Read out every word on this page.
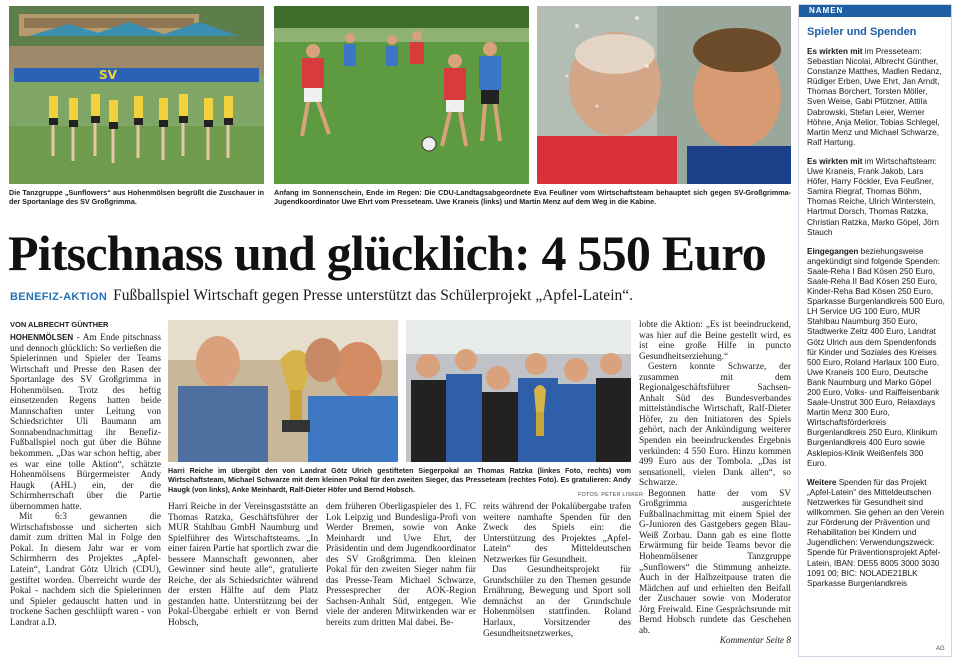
SV
Die Tanzgruppe „Sunflowers“ aus Hohenmölsen begrüßt die Zuschauer in der Sportanlage des SV Großgrimma.
Anfang im Sonnenschein, Ende im Regen: Die CDU-Landtagsabgeordnete Eva Feußner vom Wirtschaftsteam behauptet sich gegen SV-Großgrimma-Jugendkoordinator Uwe Ehrt vom Presseteam. Uwe Kraneis (links) und Martin Menz auf dem Weg in die Kabine.
Pitschnass und glücklich: 4 550 Euro
BENEFIZ-AKTION Fußballspiel Wirtschaft gegen Presse unterstützt das Schülerprojekt „Apfel-Latein“.
VON ALBRECHT GÜNTHER

HOHENMÖLSEN - Am Ende pitschnass und dennoch glücklich: So verließen die Spielerinnen und Spieler der Teams Wirtschaft und Presse den Rasen der Sportanlage des SV Großgrimma in Hohenmölsen. Trotz des heftig einsetzenden Regens hatten beide Mannschaften unter Leitung von Schiedsrichter Uli Baumann am Sonnabendnachmittag ihr Benefiz-Fußballspiel noch gut über die Bühne bekommen. „Das war schon heftig, aber es war eine tolle Aktion“, schätzte Hohenmölsens Bürgermeister Andy Haugk (AHL) ein, der die Schirmherrschaft über die Partie übernommen hatte.

Mit 6:3 gewannen die Wirtschaftsbosse und sicherten sich damit zum dritten Mal in Folge den Pokal. In diesem Jahr war er vom Schirmherrn des Projektes „Apfel-Latein“, Landrat Götz Ulrich (CDU), gestiftet worden. Überreicht wurde der Pokal - nachdem sich die Spielerinnen und Spieler gedauscht hatten und in trockene Sachen geschlüpft waren - von Landrat a.D.

Harri Reiche im übergibt den von Landrat Götz Ulrich gestifteten Siegerpokal an Thomas Ratzka (linkes Foto, rechts) vom Wirtschaftsteam, Michael Schwarze mit dem kleinen Pokal für den zweiten Sieger, das Presseteam (rechtes Foto). Es gratulieren: Andy Haugk (von links), Anke Meinhardt, Ralf-Dieter Höfer und Bernd Hobsch.
FOTOS: PETER LISKER

Harri Reiche in der Vereinsgaststätte an Thomas Ratzka, Geschäftsführer der MUR Stahlbau GmbH Naumburg und Spielführer des Wirtschaftsteams. „In einer fairen Partie hat sportlich zwar die bessere Mannschaft gewonnen, aber Gewinner sind heute alle“, gratulierte Reiche, der als Schiedsrichter während der ersten Hälfte auf dem Platz gestanden hatte. Unterstützung bei der Pokal-Übergabe erhielt er von Bernd Hobsch,

dem früheren Oberligaspieler des 1. FC Lok Leipzig und Bundesliga-Profi von Werder Bremen, sowie von Anke Meinhardt und Uwe Ehrt, der Präsidentin und dem Jugendkoordinator des SV Großgrimma. Den kleinen Pokal für den zweiten Sieger nahm für das Presse-Team Michael Schwarze, Pressesprecher der AOK-Region Sachsen-Anhalt Süd, entgegen. Wie viele der anderen Mitwirkenden war er bereits zum dritten Mal dabei. Be-

reits während der Pokalübergabe trafen weitere namhafte Spenden für den Zweck des Spiels ein: die Unterstützung des Projektes „Apfel-Latein“ des Mitteldeutschen Netzwerkes für Gesundheit.

Das Gesundheitsprojekt für Grundschüler zu den Themen gesunde Ernährung, Bewegung und Sport soll demnächst an der Grundschule Hohenmölsen stattfinden. Roland Harlaux, Vorsitzender des Gesundheitsnetzwerkes,

lobte die Aktion: „Es ist beeindruckend, was hier auf die Beine gestellt wird, es ist eine große Hilfe in puncto Gesundheitserziehung.“

Gestern konnte Schwarze, der zusammen mit dem Regionalgeschäftsführer Sachsen-Anhalt Süd des Bundesverbandes mittelständische Wirtschaft, Ralf-Dieter Höfer, zu den Initiatoren des Spiels gehört, nach der Ankündigung weiterer Spenden ein beeindruckendes Ergebnis verkünden: 4 550 Euro. Hinzu kommen 499 Euro aus der Tombola. „Das ist sensationell, vielen Dank allen“, so Schwarze.

Begonnen hatte der vom SV Großgrimma ausgerichtete Fußballnachmittag mit einem Spiel der G-Junioren des Gastgebers gegen Blau-Weiß Zorbau. Dann gab es eine flotte Erwärmung für beide Teams bevor die Hohenmölsener Tanzgruppe „Sunflowers“ die Stimmung anheizte. Auch in der Halbzeitpause traten die Mädchen auf und erhielten den Beifall der Zuschauer sowie von Moderator Jörg Freiwald. Eine Gesprächsrunde mit Bernd Hobsch rundete das Geschehen ab.

Kommentar Seite 8

NAMEN
Spieler und Spenden

Es wirkten mit im Presseteam: Sebastian Nicolai, Albrecht Günther, Constanze Matthes, Madlen Redanz, Rüdiger Erben, Uwe Ehrt, Jan Arndt, Thomas Borchert, Torsten Möller, Sven Weise, Gabi Pfützner, Attila Dabrowski, Stefan Leier, Werner Höhne, Anja Melior, Tobias Schlegel, Martin Menz und Michael Schwarze, Ralf Hartung.

Es wirkten mit im Wirtschaftsteam: Uwe Kraneis, Frank Jakob, Lars Höfer, Harry Föckler, Eva Feußner, Samira Riegraf, Thomas Böhm, Thomas Reiche, Ulrich Winterstein, Hartmut Dorsch, Thomas Ratzka, Christian Ratzka, Marko Göpel, Jörn Stauch

Eingegangen beziehungsweise angekündigt sind folgende Spenden: Saale-Reha I Bad Kösen 250 Euro, Saale-Reha II Bad Kösen 250 Euro, Kinder-Reha Bad Kösen 250 Euro, Sparkasse Burgenlandkreis 500 Euro, LH Service UG 100 Euro, MUR Stahlbau Naumburg 350 Euro, Stadtwerke Zeitz 400 Euro, Landrat Götz Ulrich aus dem Spendenfonds für Kinder und Soziales des Kreises 500 Euro, Roland Harlaux 100 Euro, Uwe Kraneis 100 Euro, Deutsche Bank Naumburg und Marko Göpel 200 Euro, Volks- und Raiffeisenbank Saale-Unstrut 300 Euro, Relaxdays Martin Menz 300 Euro, Wirtschaftsförderkreis Burgenlandkreis 250 Euro, Klinikum Burgenlandkreis 400 Euro sowie Asklepios-Klinik Weißenfels 300 Euro.

Weitere Spenden für das Projekt „Apfel-Latein“ des Mitteldeutschen Netzwerkes für Gesundheit sind willkommen. Sie gehen an den Verein zur Förderung der Prävention und Rehabilitation bei Kindern und Jugendlichen: Verwendungszweck: Spende für Präventionsprojekt Apfel-Latein, IBAN: DE55 8005 3000 3030 1091 00; BIC: NOLADE21BLK Sparkasse Burgenlandkreis

AG
